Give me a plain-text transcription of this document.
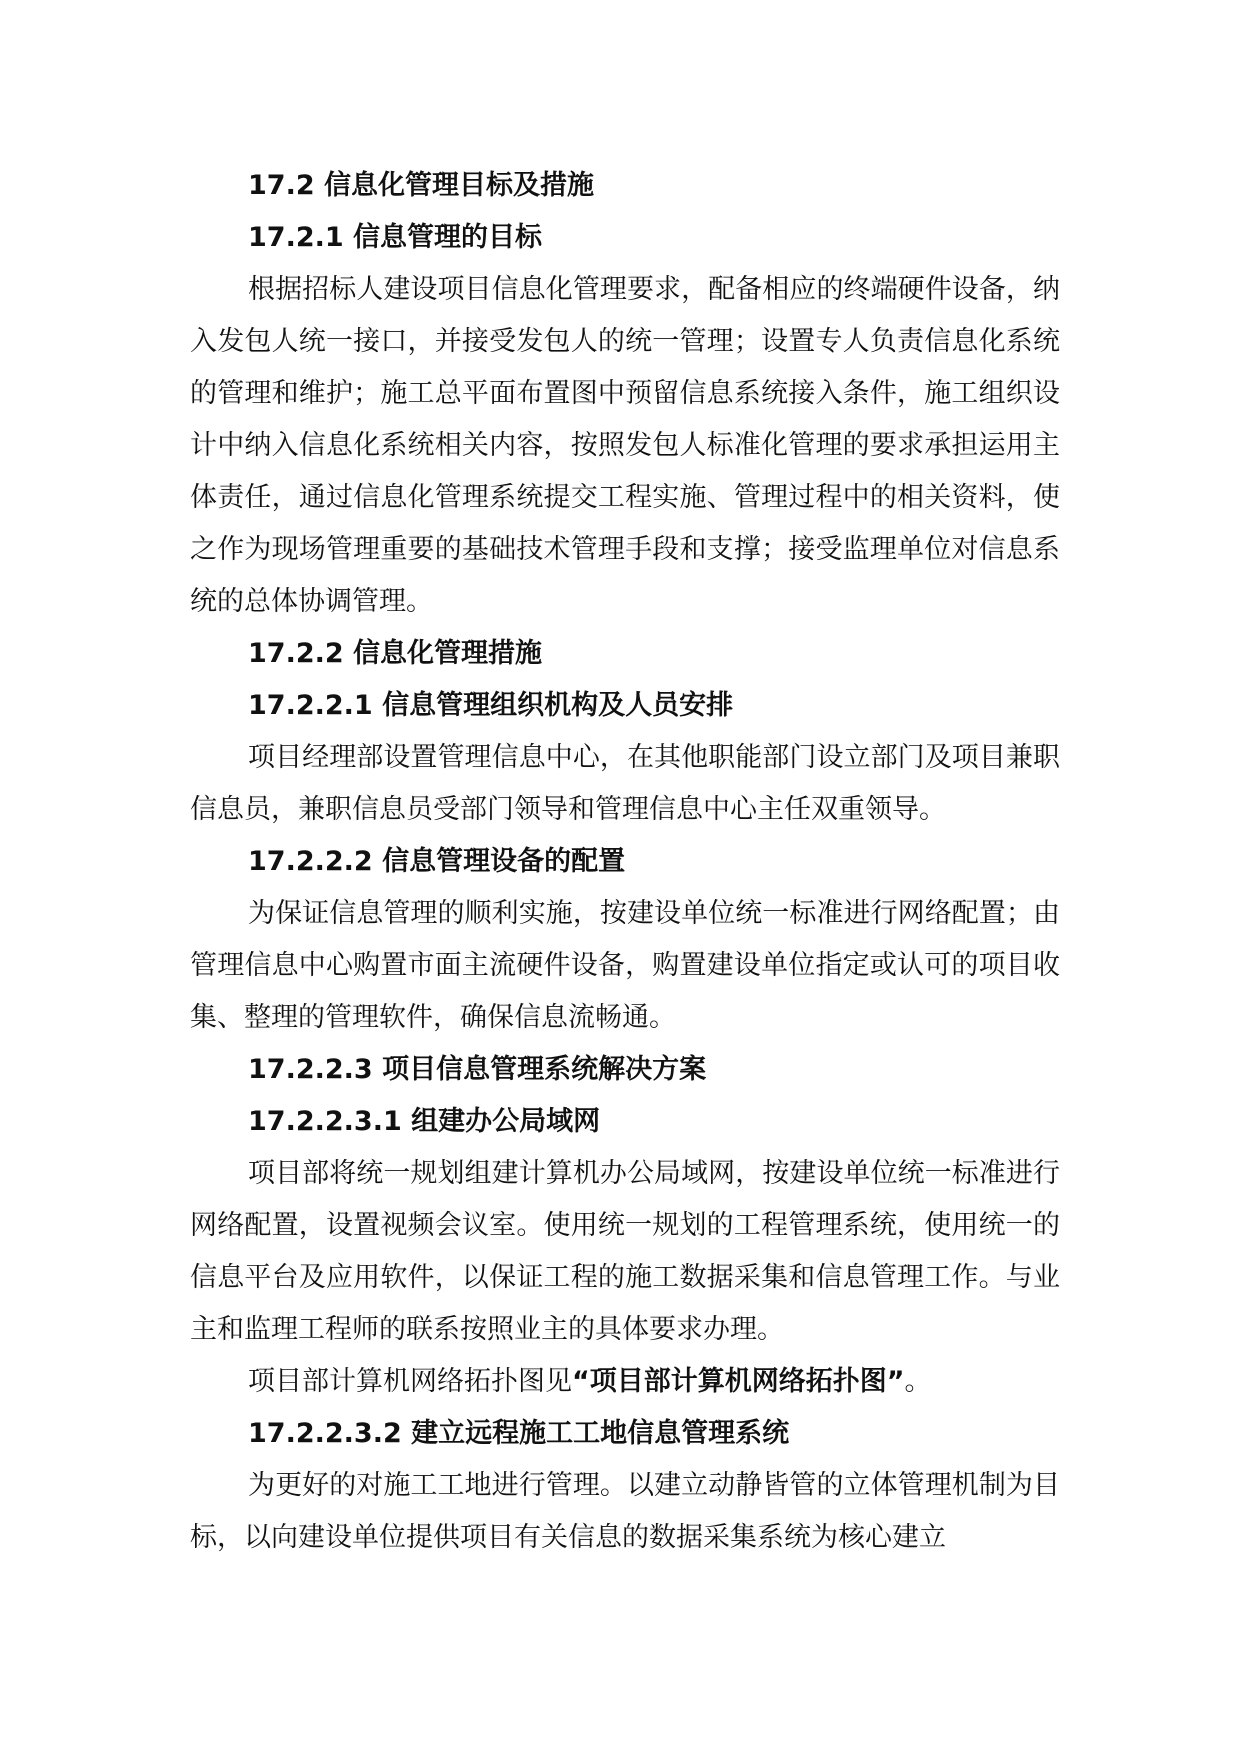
17.2 信息化管理目标及措施
17.2.1 信息管理的目标

根据招标人建设项目信息化管理要求，配备相应的终端硬件设备，纳入发包人统一接口，并接受发包人的统一管理；设置专人负责信息化系统的管理和维护；施工总平面布置图中预留信息系统接入条件，施工组织设计中纳入信息化系统相关内容，按照发包人标准化管理的要求承担运用主体责任，通过信息化管理系统提交工程实施、管理过程中的相关资料，使之作为现场管理重要的基础技术管理手段和支撑；接受监理单位对信息系统的总体协调管理。

17.2.2 信息化管理措施
17.2.2.1 信息管理组织机构及人员安排

项目经理部设置管理信息中心，在其他职能部门设立部门及项目兼职信息员，兼职信息员受部门领导和管理信息中心主任双重领导。

17.2.2.2 信息管理设备的配置

为保证信息管理的顺利实施，按建设单位统一标准进行网络配置；由管理信息中心购置市面主流硬件设备，购置建设单位指定或认可的项目收集、整理的管理软件，确保信息流畅通。

17.2.2.3 项目信息管理系统解决方案
17.2.2.3.1 组建办公局域网

项目部将统一规划组建计算机办公局域网，按建设单位统一标准进行网络配置，设置视频会议室。使用统一规划的工程管理系统，使用统一的信息平台及应用软件，以保证工程的施工数据采集和信息管理工作。与业主和监理工程师的联系按照业主的具体要求办理。

项目部计算机网络拓扑图见“项目部计算机网络拓扑图”。

17.2.2.3.2 建立远程施工工地信息管理系统

为更好的对施工工地进行管理。以建立动静皆管的立体管理机制为目标，以向建设单位提供项目有关信息的数据采集系统为核心建立
